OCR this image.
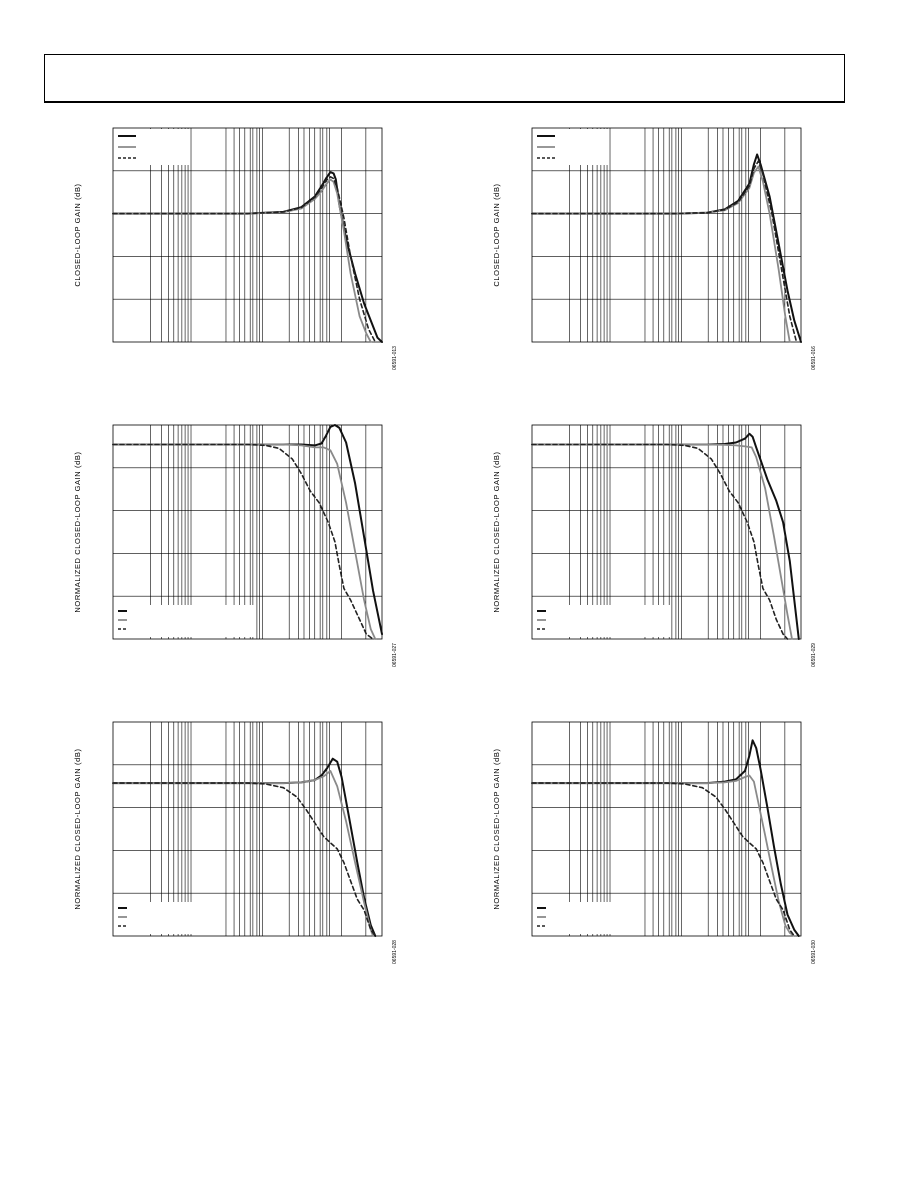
CLOSED-LOOP GAIN (dB)
06591-013
CLOSED-LOOP GAIN (dB)
06591-016
NORMALIZED CLOSED-LOOP GAIN (dB)
06591-027
NORMALIZED CLOSED-LOOP GAIN (dB)
06591-029
NORMALIZED CLOSED-LOOP GAIN (dB)
06591-028
NORMALIZED CLOSED-LOOP GAIN (dB)
06591-030
